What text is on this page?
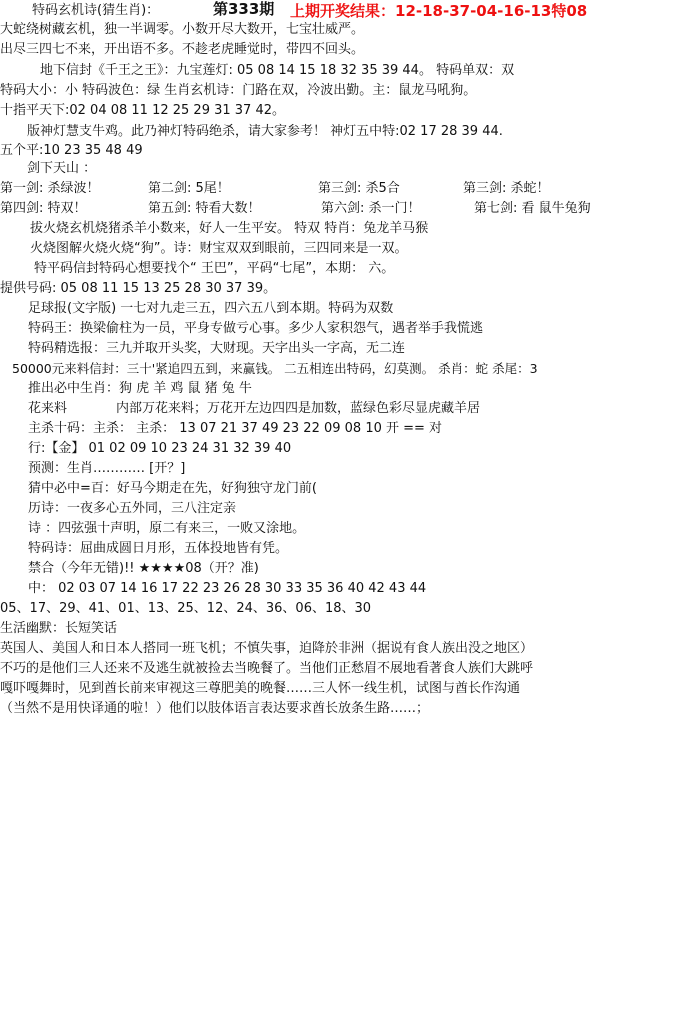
特码玄机诗(猜生肖)：	第333期 上期开奖结果：12-18-37-04-16-13特08
大蛇绕树藏玄机，独一半调零。小数开尽大数开，七宝壮威严。
出尽三四七不来，开出语不多。不趁老虎睡觉时，带四不回头。
地下信封《千王之王》：九宝莲灯: 05 08 14 15 18 32 35 39 44。 特码单双：双
特码大小：小 特码波色：绿 生肖玄机诗：门路在双，冷波出勤。主：鼠龙马吼狗。
十指平天下:02 04 08 11 12 25 29 31 37 42。
版神灯慧支牛鸡。此乃神灯特码绝杀，请大家参考！ 神灯五中特:02 17 28 39 44.
五个平:10 23 35 48 49
剑下天山 ：
第一剑: 杀绿波！	第二剑: 5尾！	第三剑: 杀5合	第三剑: 杀蛇！
第四剑: 特双！	第五剑: 特看大数！	第六剑: 杀一门！	第七剑: 看 鼠牛兔狗
拔火烧玄机烧猪杀羊小数来，好人一生平安。 特双 特肖：兔龙羊马猴
火烧图解火烧火烧“狗”。诗：财宝双双到眼前，三四同来是一双。
特平码信封特码心想要找个“ 王巴”，平码“七尾”，本期： 六。
提供号码: 05 08 11 15 13 25 28 30 37 39。
足球报(文字版) 一七对九走三五，四六五八到本期。特码为双数
特码王：换梁偷柱为一员，平身专做亏心事。多少人家积怨气，遇者举手我慌逃
特码精选报：三九并取开头奖，大财现。天字出头一字高，无二连
50000元来料信封：三十'紧追四五到，来赢钱。 二五相连出特码，幻莫测。 杀肖：蛇 杀尾：3
推出必中生肖：狗 虎 羊 鸡 鼠 猪 兔 牛
花来料	内部万花来料；万花开左边四四是加数，蓝绿色彩尽显虎藏羊居
主杀十码：主杀： 主杀： 13 07 21 37 49 23 22 09 08 10 开 == 对
行:【金】 01 02 09 10 23 24 31 32 39 40
预测：生肖………… [开？]
猜中必中=百：好马今期走在先，好狗独守龙门前(
历诗：一夜多心五外同，三八注定亲
诗 ：四弦强十声明，原二有来三，一败又涂地。
特码诗：屈曲成圆日月形，五体投地皆有凭。
禁合（今年无错)!! ★★★★08（开？准)
中： 02 03 07 14 16 17 22 23 26 28 30 33 35 36 40 42 43 44
05、17、29、41、01、13、25、12、24、36、06、18、30
生活幽默：长短笑话
英国人、美国人和日本人搭同一班飞机；不慎失事，迫降於非洲（据说有食人族出没之地区）
不巧的是他们三人还来不及逃生就被捡去当晚餐了。当他们正愁眉不展地看著食人族们大跳呼
嘎吓嘎舞时，见到酋长前来审视这三尊肥美的晚餐……三人怀一线生机，试图与酋长作沟通
（当然不是用快译通的啦！）他们以肢体语言表达要求酋长放条生路……；
